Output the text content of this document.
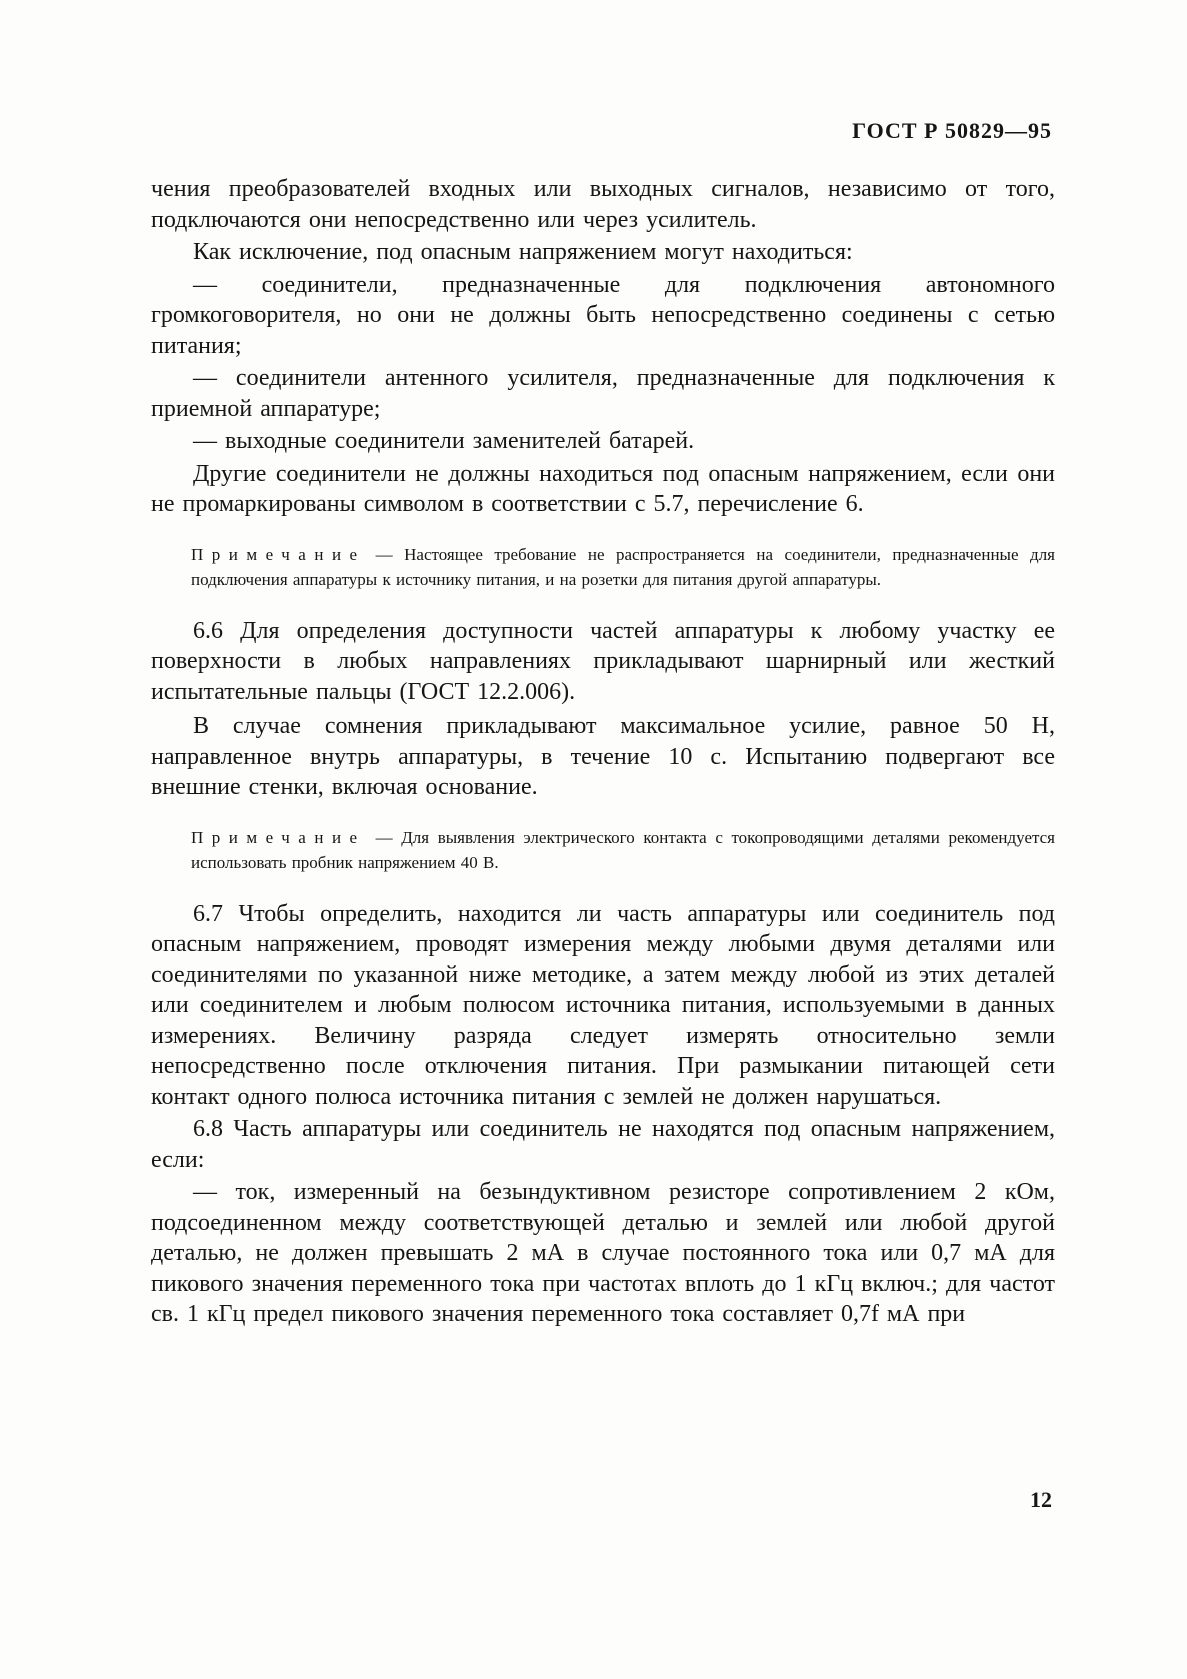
ГОСТ Р 50829—95

чения преобразователей входных или выходных сигналов, независимо от того, подключаются они непосредственно или через усилитель.

Как исключение, под опасным напряжением могут находиться:

— соединители, предназначенные для подключения автономного громкоговорителя, но они не должны быть непосредственно соединены с сетью питания;

— соединители антенного усилителя, предназначенные для подключения к приемной аппаратуре;

— выходные соединители заменителей батарей.

Другие соединители не должны находиться под опасным напряжением, если они не промаркированы символом в соответствии с 5.7, перечисление 6.

Примечание — Настоящее требование не распространяется на соединители, предназначенные для подключения аппаратуры к источнику питания, и на розетки для питания другой аппаратуры.

6.6 Для определения доступности частей аппаратуры к любому участку ее поверхности в любых направлениях прикладывают шарнирный или жесткий испытательные пальцы (ГОСТ 12.2.006).

В случае сомнения прикладывают максимальное усилие, равное 50 Н, направленное внутрь аппаратуры, в течение 10 с. Испытанию подвергают все внешние стенки, включая основание.

Примечание — Для выявления электрического контакта с токопроводящими деталями рекомендуется использовать пробник напряжением 40 В.

6.7 Чтобы определить, находится ли часть аппаратуры или соединитель под опасным напряжением, проводят измерения между любыми двумя деталями или соединителями по указанной ниже методике, а затем между любой из этих деталей или соединителем и любым полюсом источника питания, используемыми в данных измерениях. Величину разряда следует измерять относительно земли непосредственно после отключения питания. При размыкании питающей сети контакт одного полюса источника питания с землей не должен нарушаться.

6.8 Часть аппаратуры или соединитель не находятся под опасным напряжением, если:

— ток, измеренный на безындуктивном резисторе сопротивлением 2 кОм, подсоединенном между соответствующей деталью и землей или любой другой деталью, не должен превышать 2 мА в случае постоянного тока или 0,7 мА для пикового значения переменного тока при частотах вплоть до 1 кГц включ.; для частот св. 1 кГц предел пикового значения переменного тока составляет 0,7f мА при

12
